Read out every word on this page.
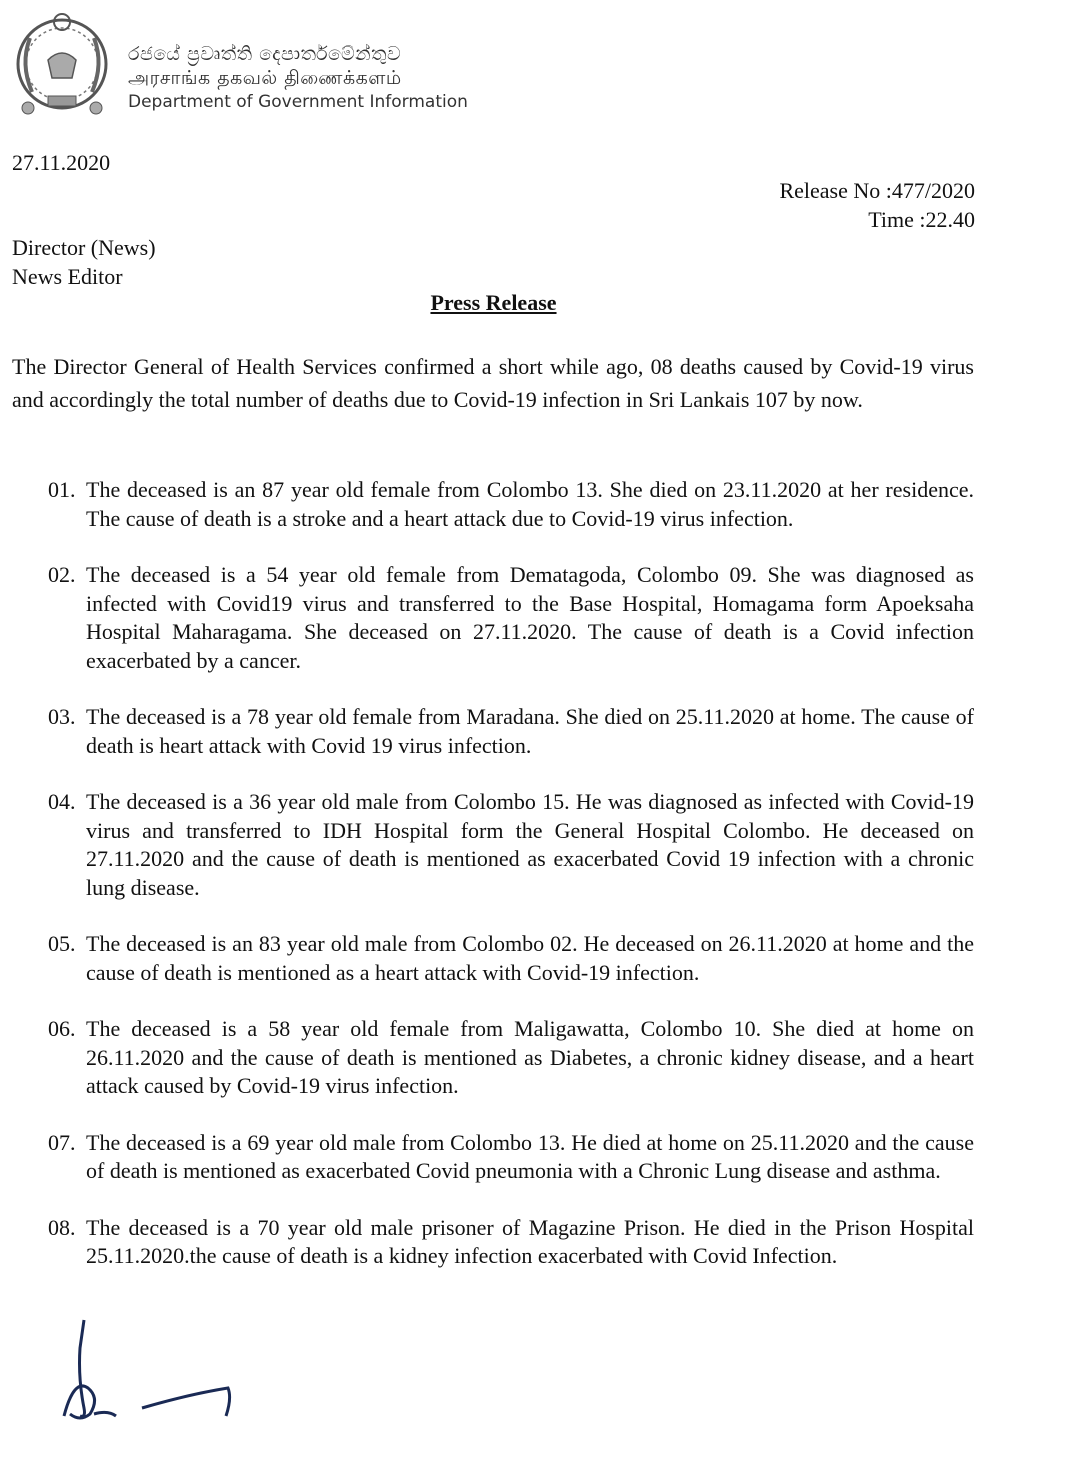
රජයේ ප්‍රවෘත්ති දෙපාර්තමේන්තුව
அரசாங்க தகவல் திணைக்களம்
Department of Government Information
27.11.2020
Release No :477/2020
Time :22.40
Director (News)
News Editor
Press Release
The Director General of Health Services confirmed a short while ago, 08 deaths caused by Covid-19 virus and accordingly the total number of deaths due to Covid-19 infection in Sri Lankais 107 by now.
01. The deceased is an 87 year old female from Colombo 13. She died on 23.11.2020 at her residence. The cause of death is a stroke and a heart attack due to Covid-19 virus infection.
02. The deceased is a 54 year old female from Dematagoda, Colombo 09. She was diagnosed as infected with Covid19 virus and transferred to the Base Hospital, Homagama form Apoeksaha Hospital Maharagama. She deceased on 27.11.2020. The cause of death is a Covid infection exacerbated by a cancer.
03. The deceased is a 78 year old female from Maradana. She died on 25.11.2020 at home. The cause of death is heart attack with Covid 19 virus infection.
04. The deceased is a 36 year old male from Colombo 15. He was diagnosed as infected with Covid-19 virus and transferred to IDH Hospital form the General Hospital Colombo. He deceased on 27.11.2020 and the cause of death is mentioned as exacerbated Covid 19 infection with a chronic lung disease.
05. The deceased is an 83 year old male from Colombo 02. He deceased on 26.11.2020 at home and the cause of death is mentioned as a heart attack with Covid-19 infection.
06. The deceased is a 58 year old female from Maligawatta, Colombo 10. She died at home on 26.11.2020 and the cause of death is mentioned as Diabetes, a chronic kidney disease, and a heart attack caused by Covid-19 virus infection.
07. The deceased is a 69 year old male from Colombo 13. He died at home on 25.11.2020 and the cause of death is mentioned as exacerbated Covid pneumonia with a Chronic Lung disease and asthma.
08. The deceased is a 70 year old male prisoner of Magazine Prison. He died in the Prison Hospital 25.11.2020.the cause of death is a kidney infection exacerbated with Covid Infection.
